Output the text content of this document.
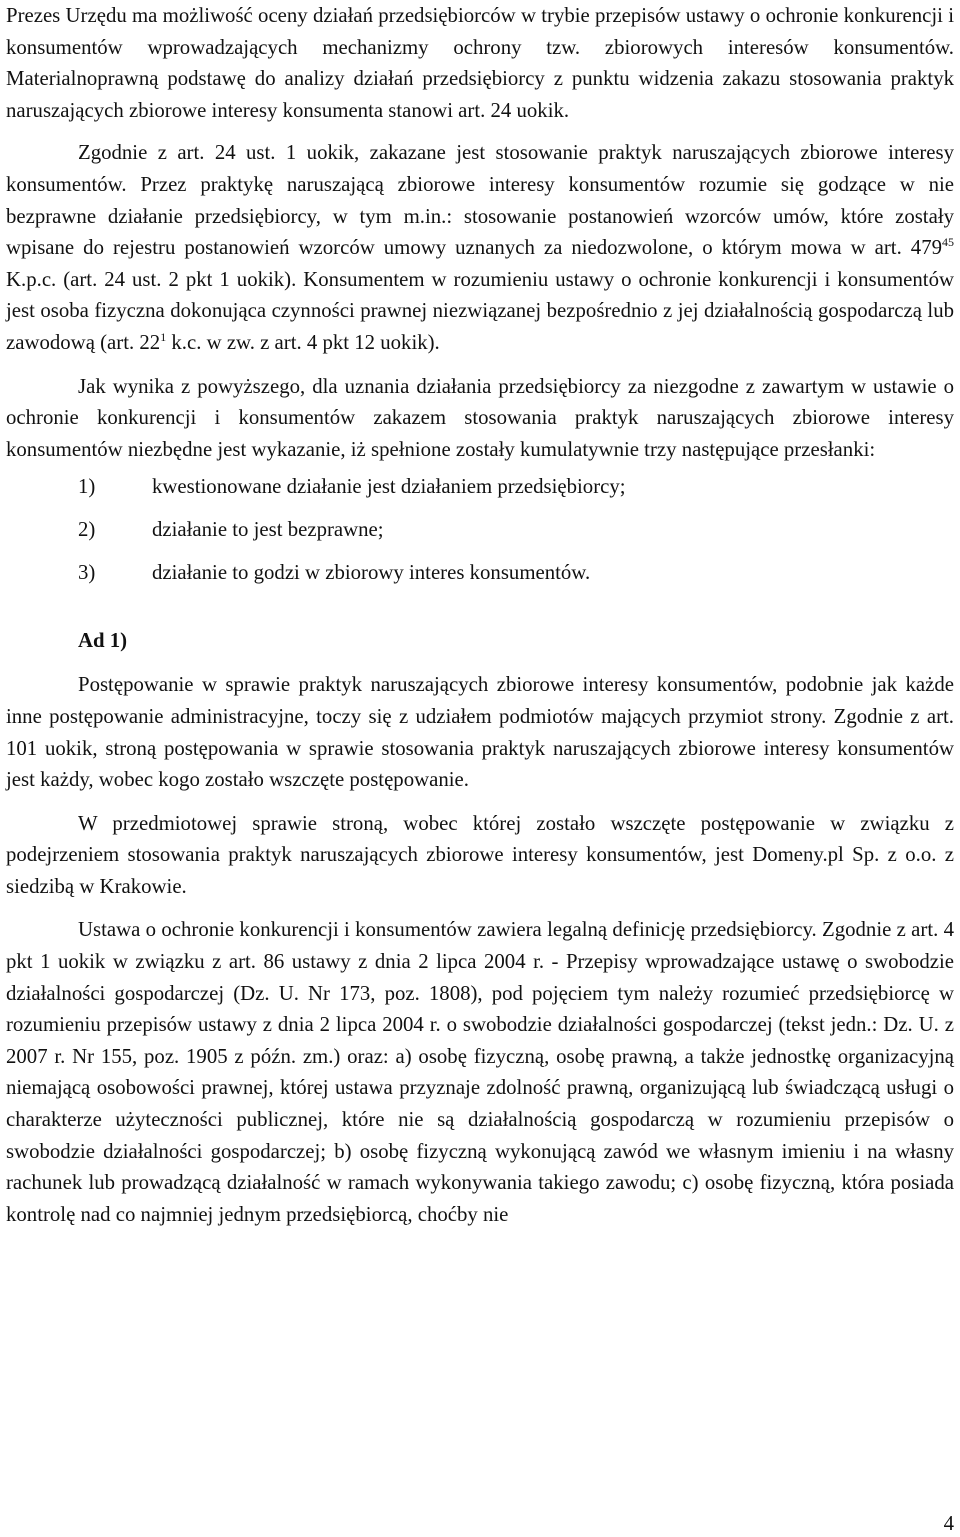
Prezes Urzędu ma możliwość oceny działań przedsiębiorców w trybie przepisów ustawy o ochronie konkurencji i konsumentów wprowadzających mechanizmy ochrony tzw. zbiorowych interesów konsumentów. Materialnoprawną podstawę do analizy działań przedsiębiorcy z punktu widzenia zakazu stosowania praktyk naruszających zbiorowe interesy konsumenta stanowi art. 24 uokik.

Zgodnie z art. 24 ust. 1 uokik, zakazane jest stosowanie praktyk naruszających zbiorowe interesy konsumentów. Przez praktykę naruszającą zbiorowe interesy konsumentów rozumie się godzące w nie bezprawne działanie przedsiębiorcy, w tym m.in.: stosowanie postanowień wzorców umów, które zostały wpisane do rejestru postanowień wzorców umowy uznanych za niedozwolone, o którym mowa w art. $479^{45}$ K.p.c. (art. 24 ust. 2 pkt 1 uokik). Konsumentem w rozumieniu ustawy o ochronie konkurencji i konsumentów jest osoba fizyczna dokonująca czynności prawnej niezwiązanej bezpośrednio z jej działalnością gospodarczą lub zawodową (art. $22^1$ k.c. w zw. z art. 4 pkt 12 uokik).

Jak wynika z powyższego, dla uznania działania przedsiębiorcy za niezgodne z zawartym w ustawie o ochronie konkurencji i konsumentów zakazem stosowania praktyk naruszających zbiorowe interesy konsumentów niezbędne jest wykazanie, iż spełnione zostały kumulatywnie trzy następujące przesłanki:

1)	kwestionowane działanie jest działaniem przedsiębiorcy;
2)	działanie to jest bezprawne;
3)	działanie to godzi w zbiorowy interes konsumentów.
Ad 1)

Postępowanie w sprawie praktyk naruszających zbiorowe interesy konsumentów, podobnie jak każde inne postępowanie administracyjne, toczy się z udziałem podmiotów mających przymiot strony. Zgodnie z art. 101 uokik, stroną postępowania w sprawie stosowania praktyk naruszających zbiorowe interesy konsumentów jest każdy, wobec kogo zostało wszczęte postępowanie.

W przedmiotowej sprawie stroną, wobec której zostało wszczęte postępowanie w związku z podejrzeniem stosowania praktyk naruszających zbiorowe interesy konsumentów, jest Domeny.pl Sp. z o.o. z siedzibą w Krakowie.

Ustawa o ochronie konkurencji i konsumentów zawiera legalną definicję przedsiębiorcy. Zgodnie z art. 4 pkt 1 uokik w związku z art. 86 ustawy z dnia 2 lipca 2004 r. - Przepisy wprowadzające ustawę o swobodzie działalności gospodarczej (Dz. U. Nr 173, poz. 1808), pod pojęciem tym należy rozumieć przedsiębiorcę w rozumieniu przepisów ustawy z dnia 2 lipca 2004 r. o swobodzie działalności gospodarczej (tekst jedn.: Dz. U. z 2007 r. Nr 155, poz. 1905 z późn. zm.) oraz: a) osobę fizyczną, osobę prawną, a także jednostkę organizacyjną niemającą osobowości prawnej, której ustawa przyznaje zdolność prawną, organizującą lub świadczącą usługi o charakterze użyteczności publicznej, które nie są działalnością gospodarczą w rozumieniu przepisów o swobodzie działalności gospodarczej; b) osobę fizyczną wykonującą zawód we własnym imieniu i na własny rachunek lub prowadzącą działalność w ramach wykonywania takiego zawodu; c) osobę fizyczną, która posiada kontrolę nad co najmniej jednym przedsiębiorcą, choćby nie

4
